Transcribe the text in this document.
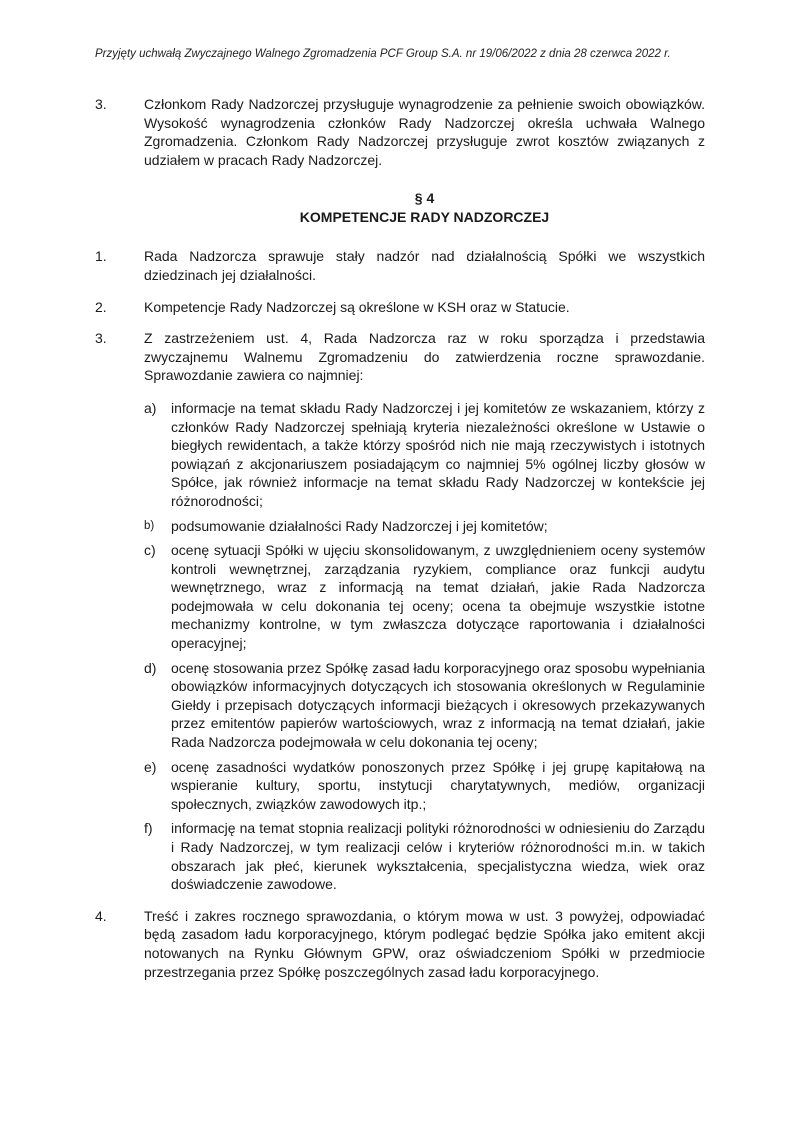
Przyjęty uchwałą Zwyczajnego Walnego Zgromadzenia PCF Group S.A. nr 19/06/2022 z dnia 28 czerwca 2022 r.
3.	Członkom Rady Nadzorczej przysługuje wynagrodzenie za pełnienie swoich obowiązków. Wysokość wynagrodzenia członków Rady Nadzorczej określa uchwała Walnego Zgromadzenia. Członkom Rady Nadzorczej przysługuje zwrot kosztów związanych z udziałem w pracach Rady Nadzorczej.
§ 4
KOMPETENCJE RADY NADZORCZEJ
1.	Rada Nadzorcza sprawuje stały nadzór nad działalnością Spółki we wszystkich dziedzinach jej działalności.
2.	Kompetencje Rady Nadzorczej są określone w KSH oraz w Statucie.
3.	Z zastrzeżeniem ust. 4, Rada Nadzorcza raz w roku sporządza i przedstawia zwyczajnemu Walnemu Zgromadzeniu do zatwierdzenia roczne sprawozdanie. Sprawozdanie zawiera co najmniej:
a) informacje na temat składu Rady Nadzorczej i jej komitetów ze wskazaniem, którzy z członków Rady Nadzorczej spełniają kryteria niezależności określone w Ustawie o biegłych rewidentach, a także którzy spośród nich nie mają rzeczywistych i istotnych powiązań z akcjonariuszem posiadającym co najmniej 5% ogólnej liczby głosów w Spółce, jak również informacje na temat składu Rady Nadzorczej w kontekście jej różnorodności;
b) podsumowanie działalności Rady Nadzorczej i jej komitetów;
c) ocenę sytuacji Spółki w ujęciu skonsolidowanym, z uwzględnieniem oceny systemów kontroli wewnętrznej, zarządzania ryzykiem, compliance oraz funkcji audytu wewnętrznego, wraz z informacją na temat działań, jakie Rada Nadzorcza podejmowała w celu dokonania tej oceny; ocena ta obejmuje wszystkie istotne mechanizmy kontrolne, w tym zwłaszcza dotyczące raportowania i działalności operacyjnej;
d) ocenę stosowania przez Spółkę zasad ładu korporacyjnego oraz sposobu wypełniania obowiązków informacyjnych dotyczących ich stosowania określonych w Regulaminie Giełdy i przepisach dotyczących informacji bieżących i okresowych przekazywanych przez emitentów papierów wartościowych, wraz z informacją na temat działań, jakie Rada Nadzorcza podejmowała w celu dokonania tej oceny;
e) ocenę zasadności wydatków ponoszonych przez Spółkę i jej grupę kapitałową na wspieranie kultury, sportu, instytucji charytatywnych, mediów, organizacji społecznych, związków zawodowych itp.;
f) informację na temat stopnia realizacji polityki różnorodności w odniesieniu do Zarządu i Rady Nadzorczej, w tym realizacji celów i kryteriów różnorodności m.in. w takich obszarach jak płeć, kierunek wykształcenia, specjalistyczna wiedza, wiek oraz doświadczenie zawodowe.
4.	Treść i zakres rocznego sprawozdania, o którym mowa w ust. 3 powyżej, odpowiadać będą zasadom ładu korporacyjnego, którym podlegać będzie Spółka jako emitent akcji notowanych na Rynku Głównym GPW, oraz oświadczeniom Spółki w przedmiocie przestrzegania przez Spółkę poszczególnych zasad ładu korporacyjnego.
